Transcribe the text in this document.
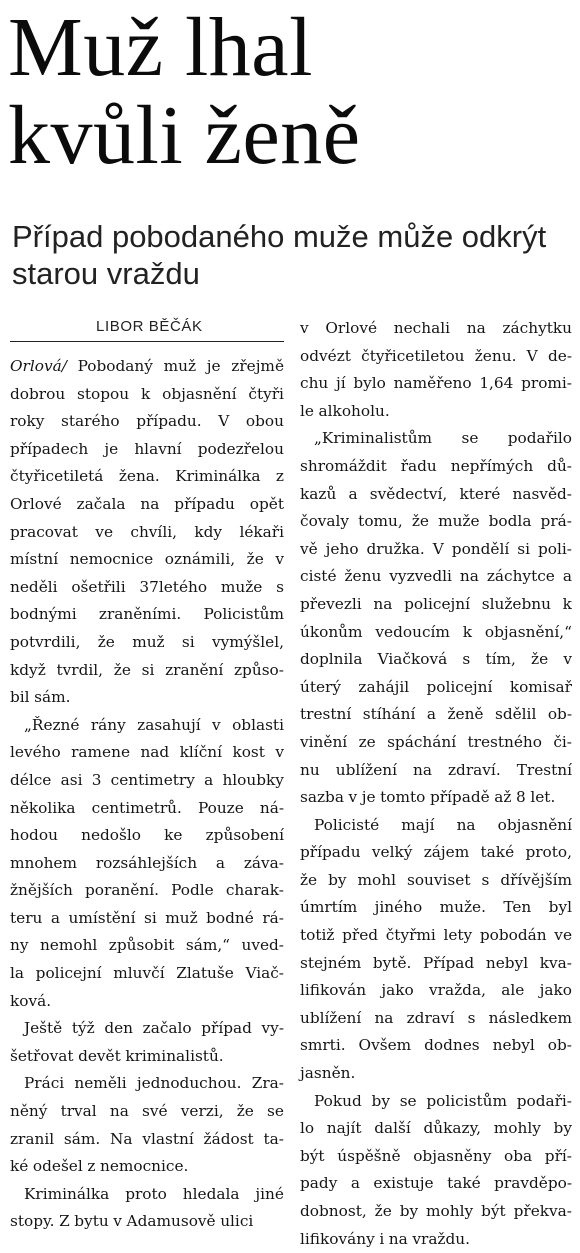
Muž lhal
kvůli ženě
Případ pobodaného muže může odkrýt
starou vraždu
LIBOR BĚČÁK
Orlová/ Pobodaný muž je zřejmě
dobrou stopou k objasnění čtyři
roky starého případu. V obou
případech je hlavní podezřelou
čtyřicetiletá žena. Kriminálka z
Orlové začala na případu opět
pracovat ve chvíli, kdy lékaři
místní nemocnice oznámili, že v
neděli ošetřili 37letého muže s
bodnými zraněními. Policistům
potvrdili, že muž si vymýšlel,
když tvrdil, že si zranění způso-
bil sám.
„Řezné rány zasahují v oblasti
levého ramene nad klíční kost v
délce asi 3 centimetry a hloubky
několika centimetrů. Pouze ná-
hodou nedošlo ke způsobení
mnohem rozsáhlejších a záva-
žnějších poranění. Podle charak-
teru a umístění si muž bodné rá-
ny nemohl způsobit sám,“ uved-
la policejní mluvčí Zlatuše Viač-
ková.
Ještě týž den začalo případ vy-
šetřovat devět kriminalistů.
Práci neměli jednoduchou. Zra-
něný trval na své verzi, že se
zranil sám. Na vlastní žádost ta-
ké odešel z nemocnice.
Kriminálka proto hledala jiné
stopy. Z bytu v Adamusově ulici
v Orlové nechali na záchytku
odvézt čtyřicetiletou ženu. V de-
chu jí bylo naměřeno 1,64 promi-
le alkoholu.
„Kriminalistům se podařilo
shromáždit řadu nepřímých dů-
kazů a svědectví, které nasvěd-
čovaly tomu, že muže bodla prá-
vě jeho družka. V pondělí si poli-
cisté ženu vyzvedli na záchytce a
převezli na policejní služebnu k
úkonům vedoucím k objasnění,“
doplnila Viačková s tím, že v
úterý zahájil policejní komisař
trestní stíhání a ženě sdělil ob-
vinění ze spáchání trestného či-
nu ublížení na zdraví. Trestní
sazba v je tomto případě až 8 let.
Policisté mají na objasnění
případu velký zájem také proto,
že by mohl souviset s dřívějším
úmrtím jiného muže. Ten byl
totiž před čtyřmi lety pobodán ve
stejném bytě. Případ nebyl kva-
lifikován jako vražda, ale jako
ublížení na zdraví s následkem
smrti. Ovšem dodnes nebyl ob-
jasněn.
Pokud by se policistům podaři-
lo najít další důkazy, mohly by
být úspěšně objasněny oba pří-
pady a existuje také pravděpo-
dobnost, že by mohly být překva-
lifikovány i na vraždu.
